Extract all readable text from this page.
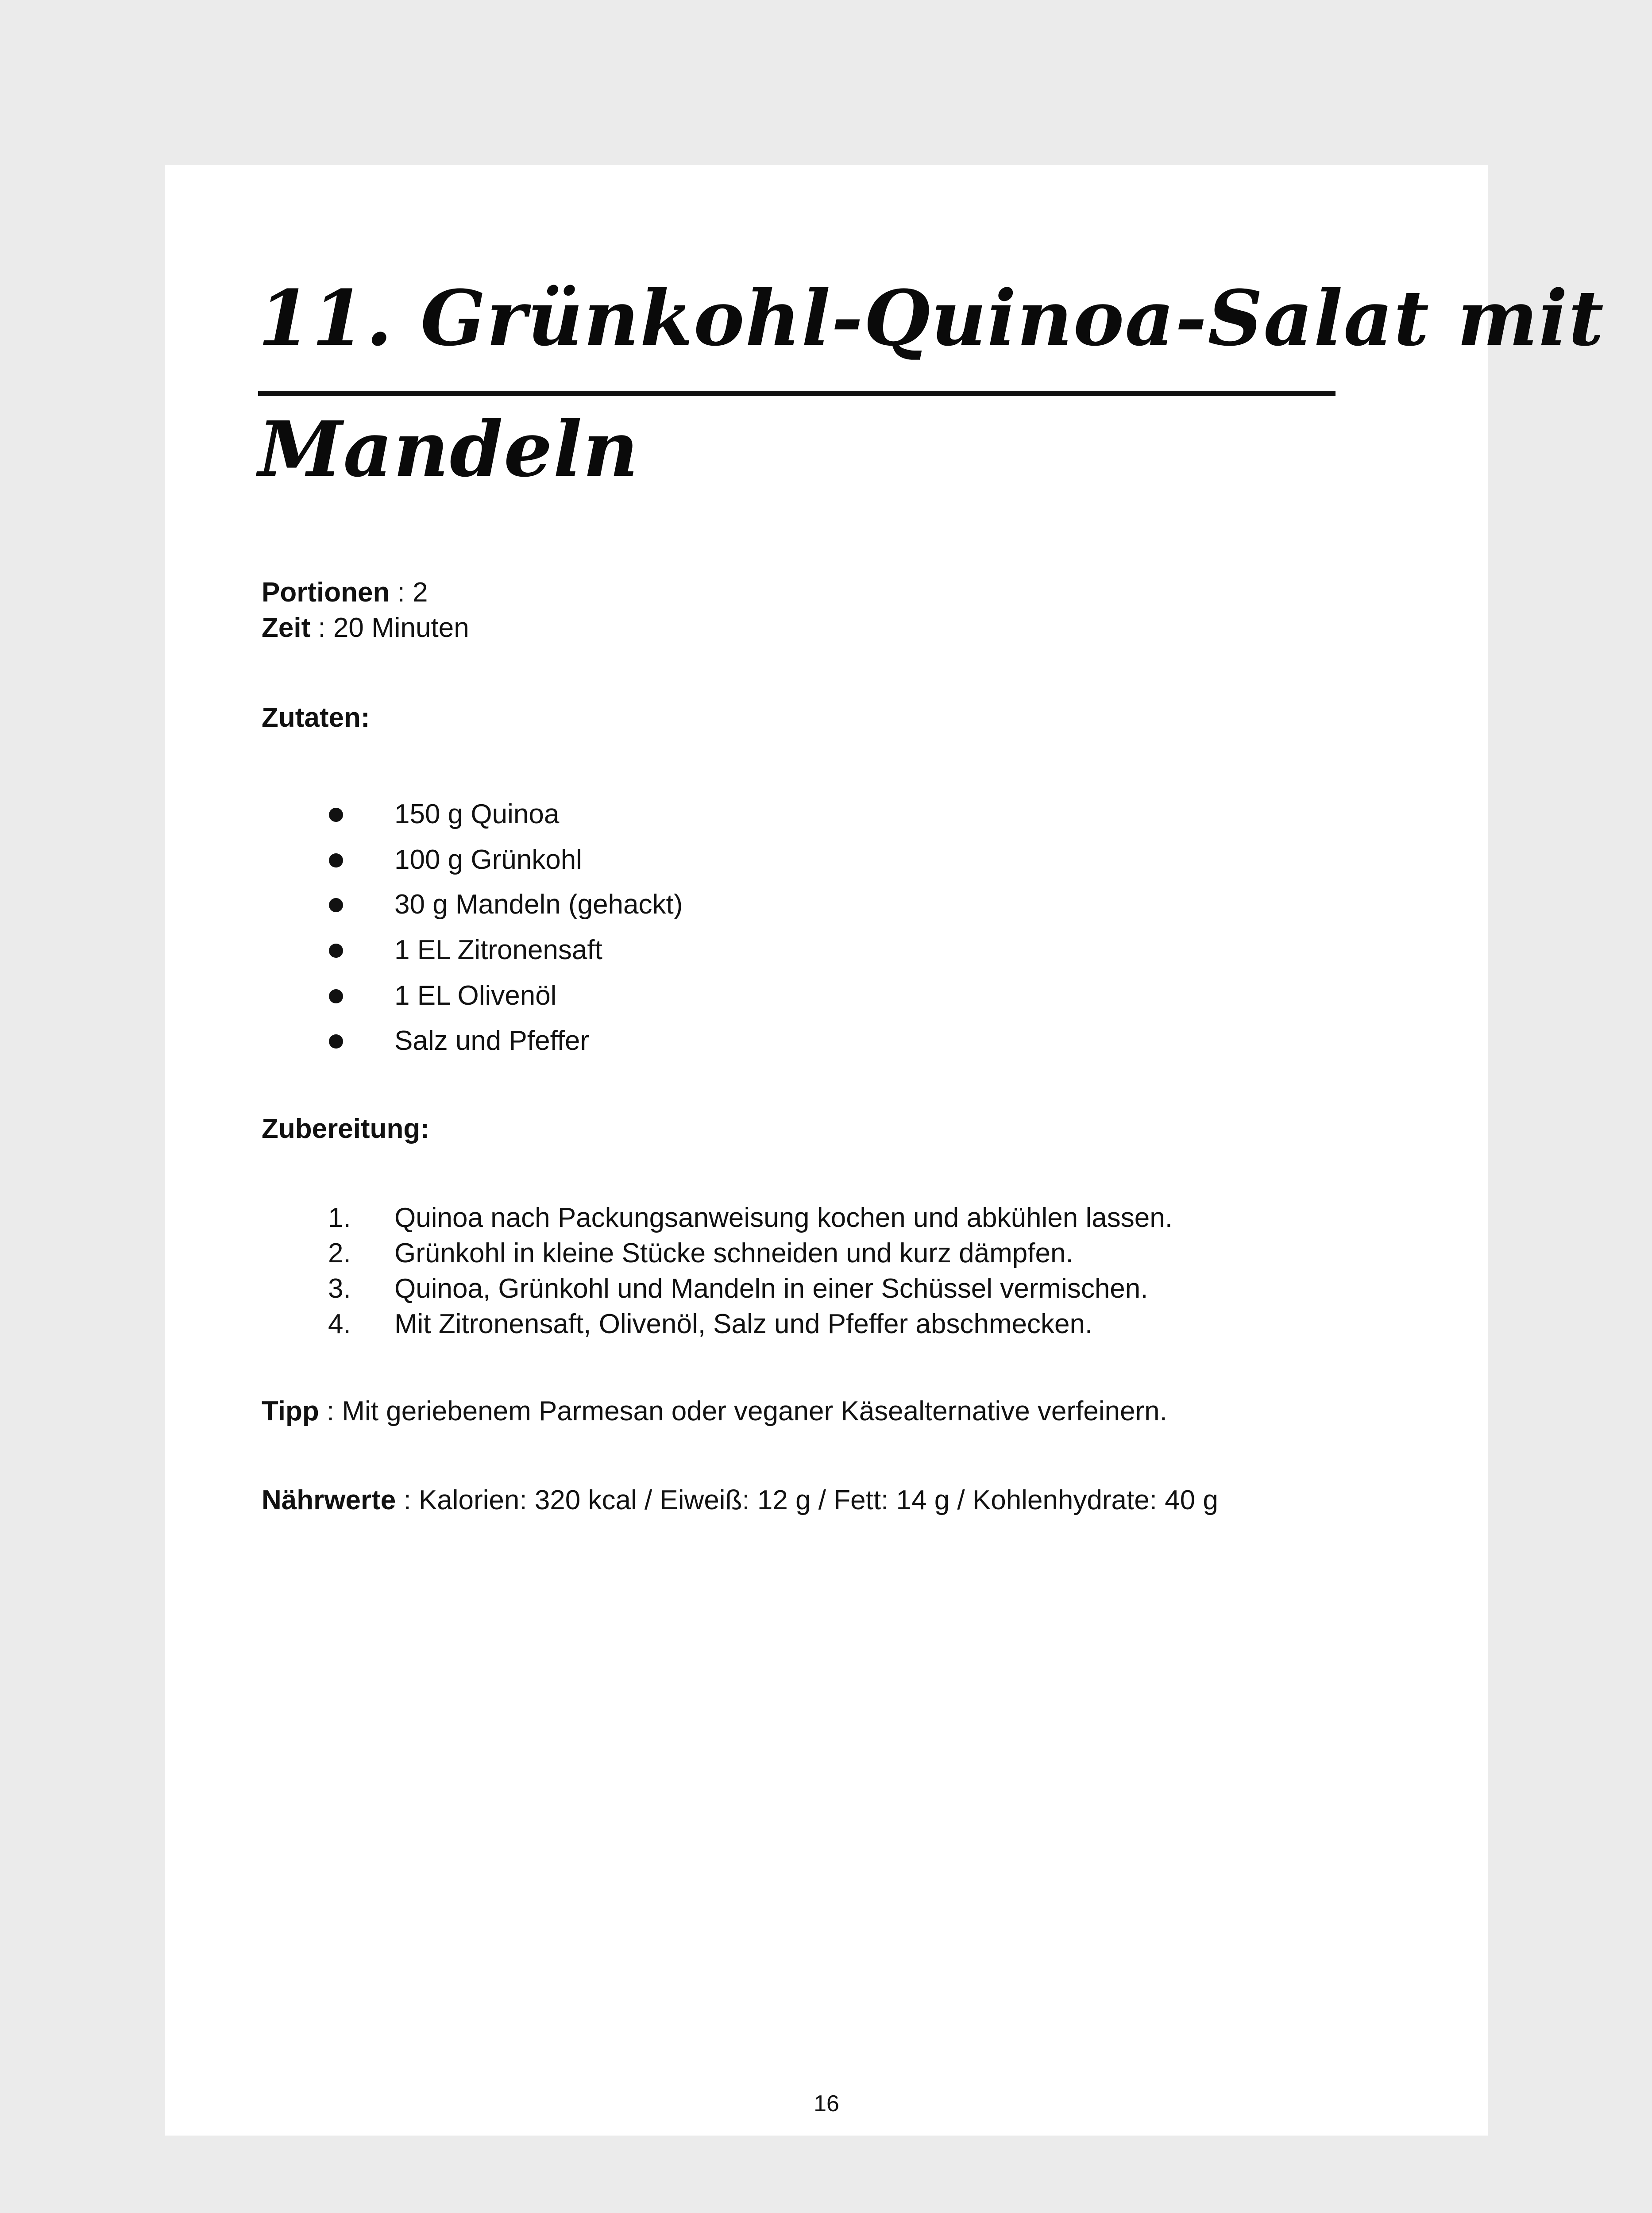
11. Grünkohl-Quinoa-Salat mit
Mandeln
Portionen : 2
Zeit : 20 Minuten
Zutaten:
150 g Quinoa
100 g Grünkohl
30 g Mandeln (gehackt)
1 EL Zitronensaft
1 EL Olivenöl
Salz und Pfeffer
Zubereitung:
1. Quinoa nach Packungsanweisung kochen und abkühlen lassen.
2. Grünkohl in kleine Stücke schneiden und kurz dämpfen.
3. Quinoa, Grünkohl und Mandeln in einer Schüssel vermischen.
4. Mit Zitronensaft, Olivenöl, Salz und Pfeffer abschmecken.
Tipp : Mit geriebenem Parmesan oder veganer Käsealternative verfeinern.
Nährwerte : Kalorien: 320 kcal / Eiweiß: 12 g / Fett: 14 g / Kohlenhydrate: 40 g
16
